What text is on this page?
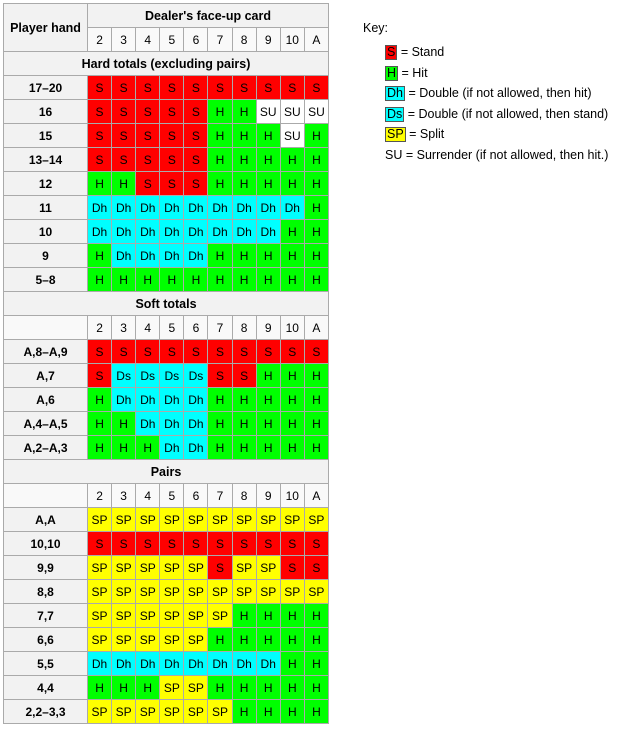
Player hand	Dealer's face-up card									
	2	3	4	5	6	7	8	9	10	A
Hard totals (excluding pairs)										
17–20	S	S	S	S	S	S	S	S	S	S
16	S	S	S	S	S	H	H	SU	SU	SU
15	S	S	S	S	S	H	H	H	SU	H
13–14	S	S	S	S	S	H	H	H	H	H
12	H	H	S	S	S	H	H	H	H	H
11	Dh	Dh	Dh	Dh	Dh	Dh	Dh	Dh	Dh	H
10	Dh	Dh	Dh	Dh	Dh	Dh	Dh	Dh	H	H
9	H	Dh	Dh	Dh	Dh	H	H	H	H	H
5–8	H	H	H	H	H	H	H	H	H	H
Soft totals										
	2	3	4	5	6	7	8	9	10	A
A,8–A,9	S	S	S	S	S	S	S	S	S	S
A,7	S	Ds	Ds	Ds	Ds	S	S	H	H	H
A,6	H	Dh	Dh	Dh	Dh	H	H	H	H	H
A,4–A,5	H	H	Dh	Dh	Dh	H	H	H	H	H
A,2–A,3	H	H	H	Dh	Dh	H	H	H	H	H
Pairs										
	2	3	4	5	6	7	8	9	10	A
A,A	SP	SP	SP	SP	SP	SP	SP	SP	SP	SP
10,10	S	S	S	S	S	S	S	S	S	S
9,9	SP	SP	SP	SP	SP	S	SP	SP	S	S
8,8	SP	SP	SP	SP	SP	SP	SP	SP	SP	SP
7,7	SP	SP	SP	SP	SP	SP	H	H	H	H
6,6	SP	SP	SP	SP	SP	H	H	H	H	H
5,5	Dh	Dh	Dh	Dh	Dh	Dh	Dh	Dh	H	H
4,4	H	H	H	SP	SP	H	H	H	H	H
2,2–3,3	SP	SP	SP	SP	SP	SP	H	H	H	H
Key:
S = Stand
H = Hit
Dh = Double (if not allowed, then hit)
Ds = Double (if not allowed, then stand)
SP = Split
SU = Surrender (if not allowed, then hit.)
